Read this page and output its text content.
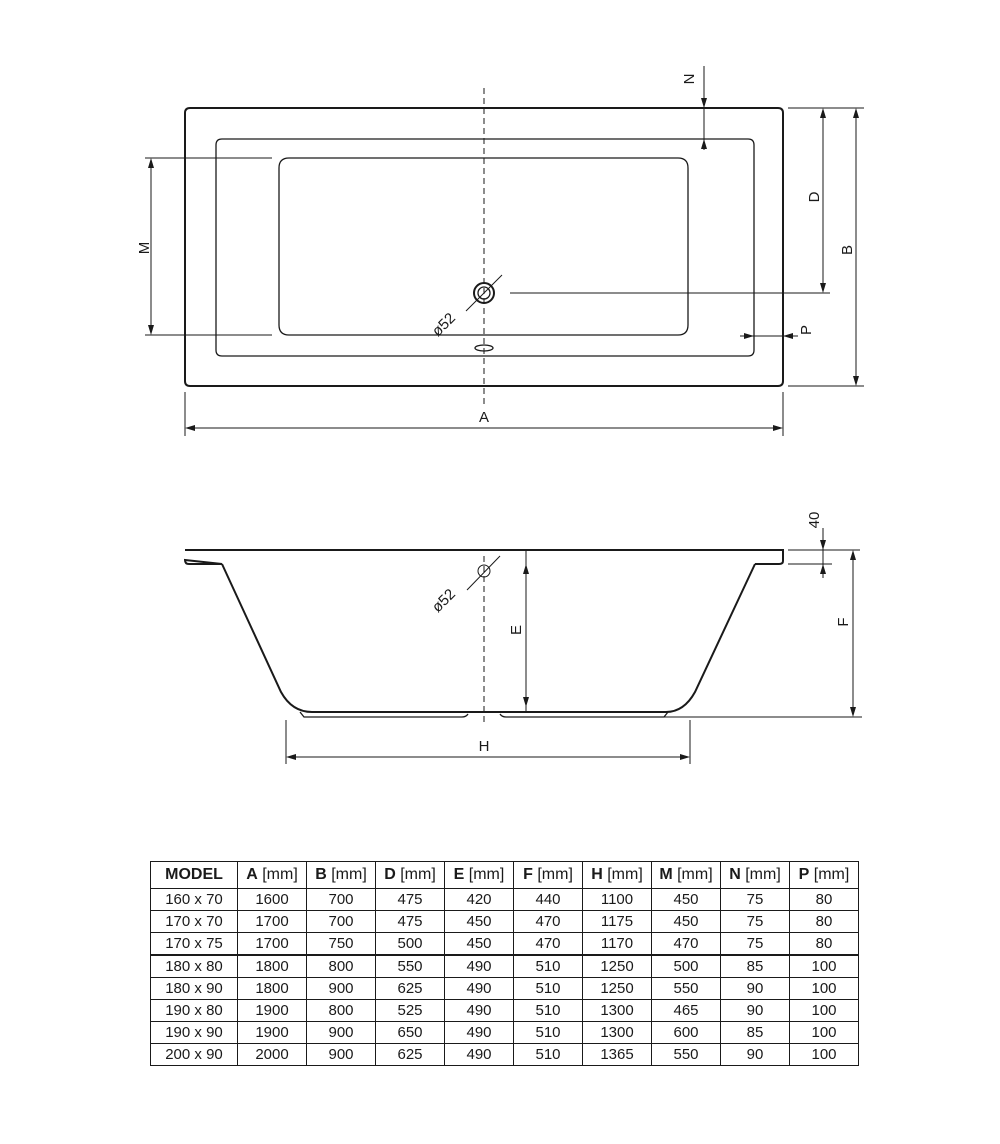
ø52
M
N
D
B
P
A
ø52
E
40
F
H
MODEL	A [mm]	B [mm]	D [mm]	E [mm]	F [mm]	H [mm]	M [mm]	N [mm]	P [mm]
160 x 70	1600	700	475	420	440	1100	450	75	80
170 x 70	1700	700	475	450	470	1175	450	75	80
170 x 75	1700	750	500	450	470	1170	470	75	80
180 x 80	1800	800	550	490	510	1250	500	85	100
180 x 90	1800	900	625	490	510	1250	550	90	100
190 x 80	1900	800	525	490	510	1300	465	90	100
190 x 90	1900	900	650	490	510	1300	600	85	100
200 x 90	2000	900	625	490	510	1365	550	90	100
